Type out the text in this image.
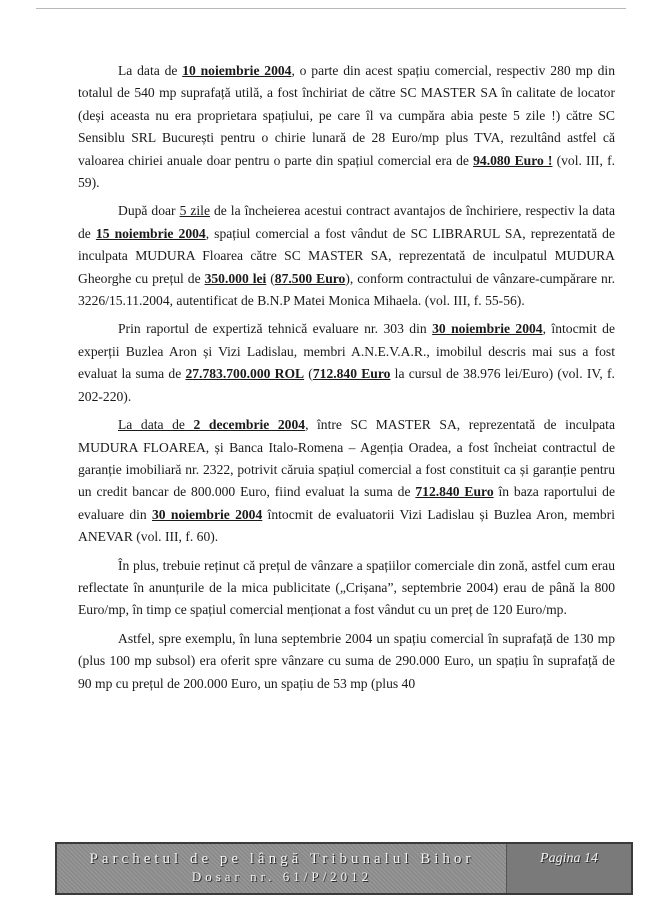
La data de 10 noiembrie 2004, o parte din acest spațiu comercial, respectiv 280 mp din totalul de 540 mp suprafață utilă, a fost închiriat de către SC MASTER SA în calitate de locator (deși aceasta nu era proprietara spațiului, pe care îl va cumpăra abia peste 5 zile !) către SC Sensiblu SRL București pentru o chirie lunară de 28 Euro/mp plus TVA, rezultând astfel că valoarea chiriei anuale doar pentru o parte din spațiul comercial era de 94.080 Euro ! (vol. III, f. 59).

După doar 5 zile de la încheierea acestui contract avantajos de închiriere, respectiv la data de 15 noiembrie 2004, spațiul comercial a fost vândut de SC LIBRARUL SA, reprezentată de inculpata MUDURA Floarea către SC MASTER SA, reprezentată de inculpatul MUDURA Gheorghe cu prețul de 350.000 lei (87.500 Euro), conform contractului de vânzare-cumpărare nr. 3226/15.11.2004, autentificat de B.N.P Matei Monica Mihaela. (vol. III, f. 55-56).

Prin raportul de expertiză tehnică evaluare nr. 303 din 30 noiembrie 2004, întocmit de experții Buzlea Aron și Vizi Ladislau, membri A.N.E.V.A.R., imobilul descris mai sus a fost evaluat la suma de 27.783.700.000 ROL (712.840 Euro la cursul de 38.976 lei/Euro) (vol. IV, f. 202-220).

La data de 2 decembrie 2004, între SC MASTER SA, reprezentată de inculpata MUDURA FLOAREA, și Banca Italo-Romena – Agenția Oradea, a fost încheiat contractul de garanție imobiliară nr. 2322, potrivit căruia spațiul comercial a fost constituit ca și garanție pentru un credit bancar de 800.000 Euro, fiind evaluat la suma de 712.840 Euro în baza raportului de evaluare din 30 noiembrie 2004 întocmit de evaluatorii Vizi Ladislau și Buzlea Aron, membri ANEVAR (vol. III, f. 60).

În plus, trebuie reținut că prețul de vânzare a spațiilor comerciale din zonă, astfel cum erau reflectate în anunțurile de la mica publicitate („Crișana”, septembrie 2004) erau de până la 800 Euro/mp, în timp ce spațiul comercial menționat a fost vândut cu un preț de 120 Euro/mp.

Astfel, spre exemplu, în luna septembrie 2004 un spațiu comercial în suprafață de 130 mp (plus 100 mp subsol) era oferit spre vânzare cu suma de 290.000 Euro, un spațiu în suprafață de 90 mp cu prețul de 200.000 Euro, un spațiu de 53 mp (plus 40

Parchetul de pe lângă Tribunalul Bihor
Dosar nr. 61/P/2012
Pagina 14
